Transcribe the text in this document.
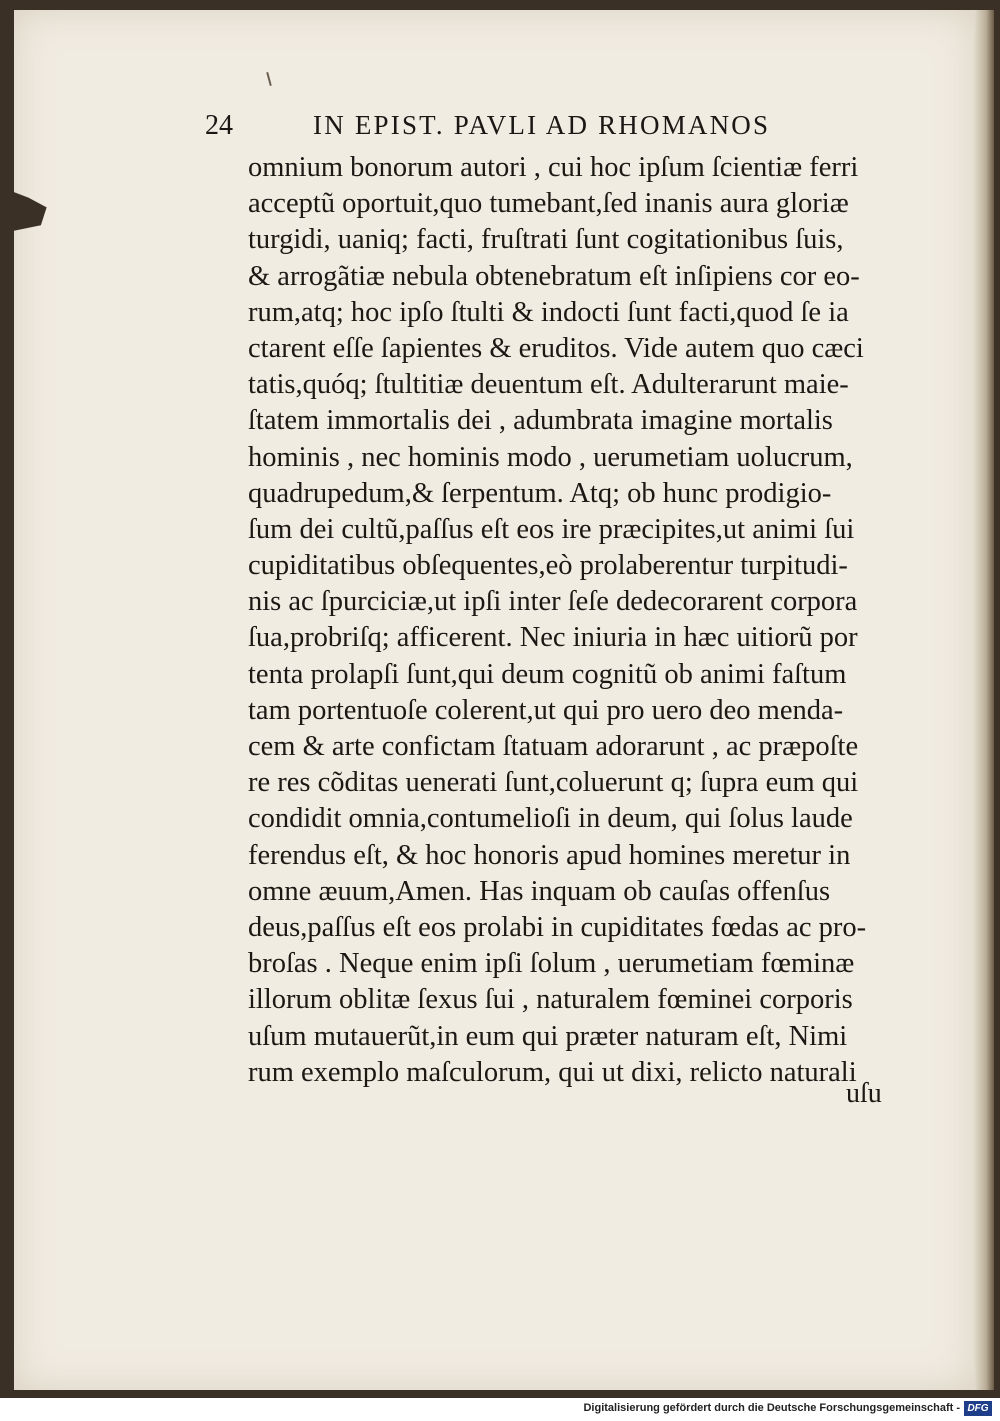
24	IN EPIST. PAVLI AD RHOMANOS
omnium bonorum autori , cui hoc ipſum ſcientiæ ferri
acceptũ oportuit,quo tumebant,ſed inanis aura gloriæ
turgidi, uaniq; facti, fruſtrati ſunt cogitationibus ſuis,
& arrogãtiæ nebula obtenebratum eſt inſipiens cor eo-
rum,atq; hoc ipſo ſtulti & indocti ſunt facti,quod ſe ia
ctarent eſſe ſapientes & eruditos. Vide autem quo cæci
tatis,quóq; ſtultitiæ deuentum eſt. Adulterarunt maie-
ſtatem immortalis dei , adumbrata imagine mortalis
hominis , nec hominis modo , uerumetiam uolucrum,
quadrupedum,& ſerpentum. Atq; ob hunc prodigio-
ſum dei cultũ,paſſus eſt eos ire præcipites,ut animi ſui
cupiditatibus obſequentes,eò prolaberentur turpitudi-
nis ac ſpurciciæ,ut ipſi inter ſeſe dedecorarent corpora
ſua,probriſq; afficerent. Nec iniuria in hæc uitiorũ por
tenta prolapſi ſunt,qui deum cognitũ ob animi faſtum
tam portentuoſe colerent,ut qui pro uero deo menda-
cem & arte confictam ſtatuam adorarunt , ac præpoſte
re res cõditas uenerati ſunt,coluerunt q; ſupra eum qui
condidit omnia,contumelioſi in deum, qui ſolus laude
ferendus eſt, & hoc honoris apud homines meretur in
omne æuum,Amen. Has inquam ob cauſas offenſus
deus,paſſus eſt eos prolabi in cupiditates fœdas ac pro-
broſas . Neque enim ipſi ſolum , uerumetiam fœminæ
illorum oblitæ ſexus ſui , naturalem fœminei corporis
uſum mutauerũt,in eum qui præter naturam eſt, Nimi
rum exemplo maſculorum, qui ut dixi, relicto naturali
uſu
Digitalisierung gefördert durch die Deutsche Forschungsgemeinschaft - DFG
